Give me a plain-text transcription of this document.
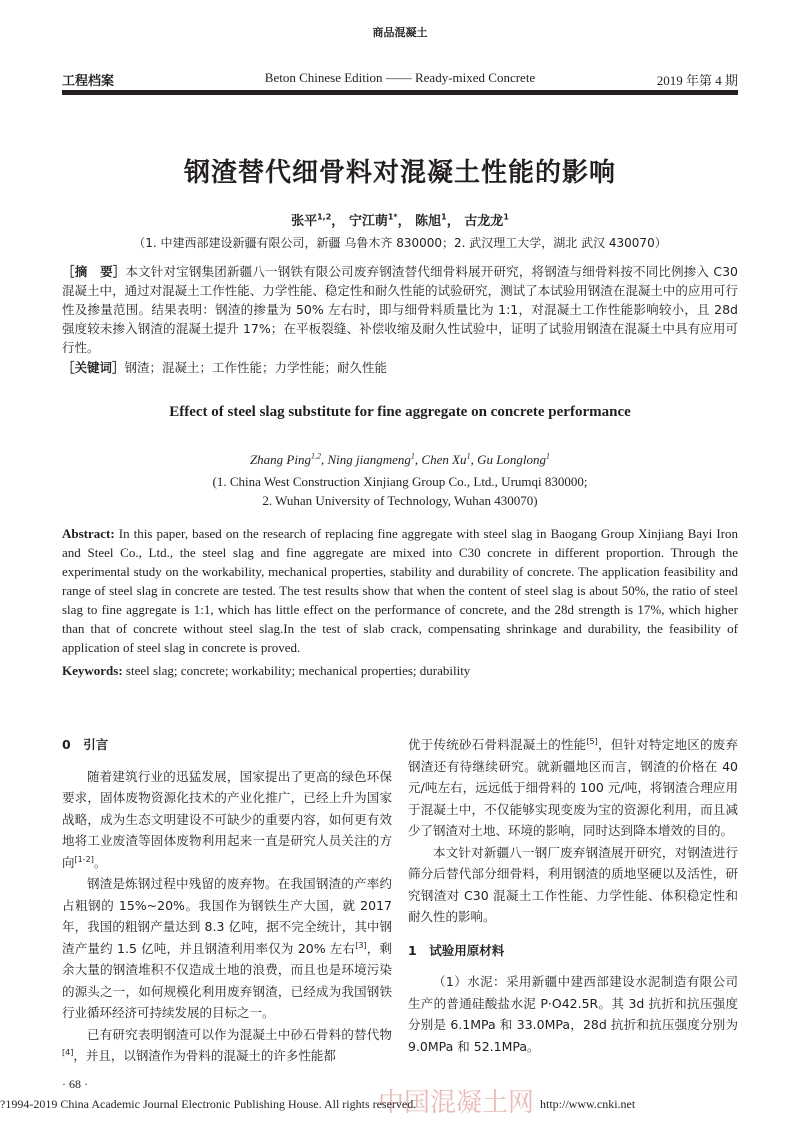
商品混凝土
工程档案	Beton Chinese Edition —— Ready-mixed Concrete	2019 年第 4 期
钢渣替代细骨料对混凝土性能的影响
张平$^{1,2}$， 宁江萌$^{1*}$， 陈旭$^1$， 古龙龙$^1$
（1. 中建西部建设新疆有限公司，新疆 乌鲁木齐 830000；2. 武汉理工大学，湖北 武汉 430070）
［摘　要］本文针对宝钢集团新疆八一钢铁有限公司废弃钢渣替代细骨料展开研究，将钢渣与细骨料按不同比例掺入 C30 混凝土中，通过对混凝土工作性能、力学性能、稳定性和耐久性能的试验研究，测试了本试验用钢渣在混凝土中的应用可行性及掺量范围。结果表明：钢渣的掺量为 50% 左右时，即与细骨料质量比为 1:1，对混凝土工作性能影响较小，且 28d 强度较未掺入钢渣的混凝土提升 17%；在平板裂缝、补偿收缩及耐久性试验中，证明了试验用钢渣在混凝土中具有应用可行性。
［关键词］钢渣；混凝土；工作性能；力学性能；耐久性能
Effect of steel slag substitute for fine aggregate on concrete performance
Zhang Ping$^{1,2}$, Ning jiangmeng$^1$, Chen Xu$^1$, Gu Longlong$^1$
(1. China West Construction Xinjiang Group Co., Ltd., Urumqi 830000;
2. Wuhan University of Technology, Wuhan 430070)
Abstract: In this paper, based on the research of replacing fine aggregate with steel slag in Baogang Group Xinjiang Bayi Iron and Steel Co., Ltd., the steel slag and fine aggregate are mixed into C30 concrete in different proportion. Through the experimental study on the workability, mechanical properties, stability and durability of concrete. The application feasibility and range of steel slag in concrete are tested. The test results show that when the content of steel slag is about 50%, the ratio of steel slag to fine aggregate is 1:1, which has little effect on the performance of concrete, and the 28d strength is 17%, which higher than that of concrete without steel slag.In the test of slab crack, compensating shrinkage and durability, the feasibility of application of steel slag in concrete is proved.
Keywords: steel slag; concrete; workability; mechanical properties; durability

0　引言

随着建筑行业的迅猛发展，国家提出了更高的绿色环保要求，固体废物资源化技术的产业化推广，已经上升为国家战略，成为生态文明建设不可缺少的重要内容，如何更有效地将工业废渣等固体废物利用起来一直是研究人员关注的方向[1-2]。

钢渣是炼钢过程中残留的废弃物。在我国钢渣的产率约占粗钢的 15%~20%。我国作为钢铁生产大国，就 2017 年，我国的粗钢产量达到 8.3 亿吨，据不完全统计，其中钢渣产量约 1.5 亿吨，并且钢渣利用率仅为 20% 左右[3]，剩余大量的钢渣堆积不仅造成土地的浪费，而且也是环境污染的源头之一，如何规模化利用废弃钢渣，已经成为我国钢铁行业循环经济可持续发展的目标之一。

已有研究表明钢渣可以作为混凝土中砂石骨料的替代物[4]，并且，以钢渣作为骨料的混凝土的许多性能都

优于传统砂石骨料混凝土的性能[5]，但针对特定地区的废弃钢渣还有待继续研究。就新疆地区而言，钢渣的价格在 40 元/吨左右，远远低于细骨料的 100 元/吨，将钢渣合理应用于混凝土中，不仅能够实现变废为宝的资源化利用，而且减少了钢渣对土地、环境的影响，同时达到降本增效的目的。

本文针对新疆八一钢厂废弃钢渣展开研究，对钢渣进行筛分后替代部分细骨料，利用钢渣的质地坚硬以及活性，研究钢渣对 C30 混凝土工作性能、力学性能、体积稳定性和耐久性的影响。

1　试验用原材料

（1）水泥：采用新疆中建西部建设水泥制造有限公司生产的普通硅酸盐水泥 P·O42.5R。其 3d 抗折和抗压强度分别是 6.1MPa 和 33.0MPa，28d 抗折和抗压强度分别为 9.0MPa 和 52.1MPa。

· 68 ·
中国混凝土网
?1994-2019 China Academic Journal Electronic Publishing House. All rights reserved.	http://www.cnki.net
